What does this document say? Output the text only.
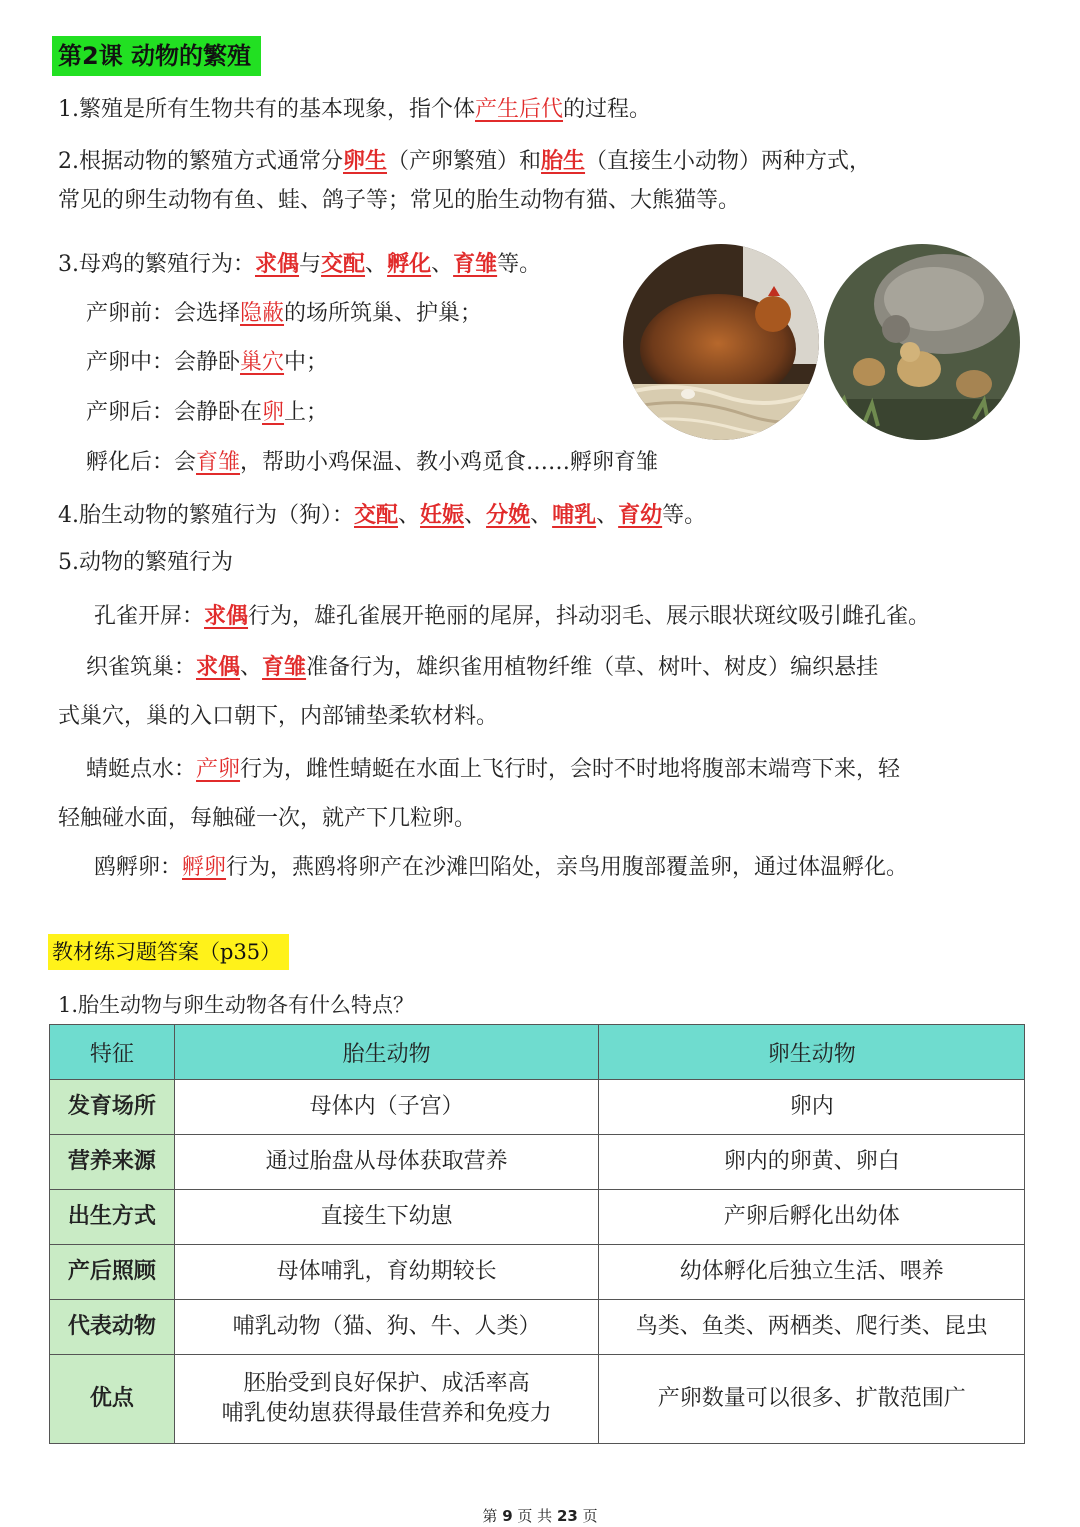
第2课 动物的繁殖
1.繁殖是所有生物共有的基本现象，指个体产生后代的过程。
2.根据动物的繁殖方式通常分卵生（产卵繁殖）和胎生（直接生小动物）两种方式，
常见的卵生动物有鱼、蛙、鸽子等；常见的胎生动物有猫、大熊猫等。
3.母鸡的繁殖行为：求偶与交配、孵化、育雏等。
产卵前：会选择隐蔽的场所筑巢、护巢；
产卵中：会静卧巢穴中；
产卵后：会静卧在卵上；
孵化后：会育雏，帮助小鸡保温、教小鸡觅食……孵卵育雏
4.胎生动物的繁殖行为（狗）：交配、妊娠、分娩、哺乳、育幼等。
5.动物的繁殖行为
孔雀开屏：求偶行为，雄孔雀展开艳丽的尾屏，抖动羽毛、展示眼状斑纹吸引雌孔雀。
织雀筑巢：求偶、育雏准备行为，雄织雀用植物纤维（草、树叶、树皮）编织悬挂
式巢穴，巢的入口朝下，内部铺垫柔软材料。
蜻蜓点水：产卵行为，雌性蜻蜓在水面上飞行时，会时不时地将腹部末端弯下来，轻
轻触碰水面，每触碰一次，就产下几粒卵。
鸥孵卵：孵卵行为，燕鸥将卵产在沙滩凹陷处，亲鸟用腹部覆盖卵，通过体温孵化。
教材练习题答案（p35）
1.胎生动物与卵生动物各有什么特点？
特征	胎生动物	卵生动物
发育场所	母体内（子宫）	卵内
营养来源	通过胎盘从母体获取营养	卵内的卵黄、卵白
出生方式	直接生下幼崽	产卵后孵化出幼体
产后照顾	母体哺乳，育幼期较长	幼体孵化后独立生活、喂养
代表动物	哺乳动物（猫、狗、牛、人类）	鸟类、鱼类、两栖类、爬行类、昆虫
优点	胚胎受到良好保护、成活率高
哺乳使幼崽获得最佳营养和免疫力	产卵数量可以很多、扩散范围广
第 9 页 共 23 页
